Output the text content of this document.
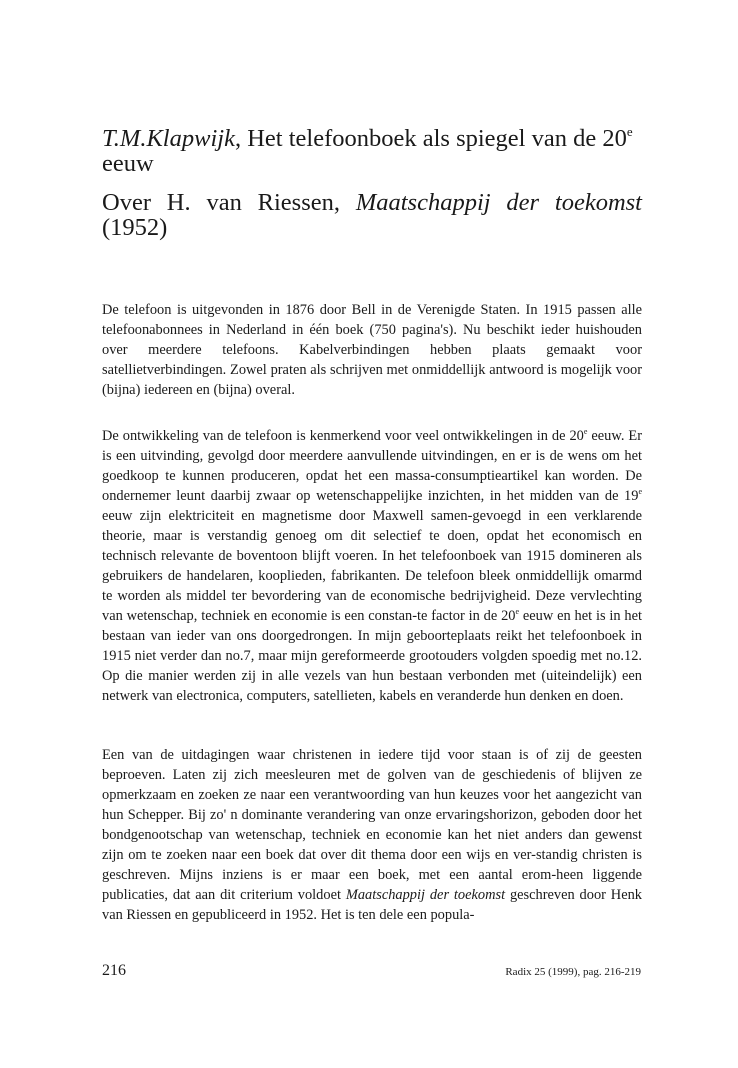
T.M.Klapwijk, Het telefoonboek als spiegel van de 20e eeuw
Over H. van Riessen, Maatschappij der toekomst (1952)

De telefoon is uitgevonden in 1876 door Bell in de Verenigde Staten. In 1915 passen alle telefoonabonnees in Nederland in één boek (750 pagina's). Nu beschikt ieder huishouden over meerdere telefoons. Kabelverbindingen hebben plaats gemaakt voor satellietverbindingen. Zowel praten als schrijven met onmiddellijk antwoord is mogelijk voor (bijna) iedereen en (bijna) overal.

De ontwikkeling van de telefoon is kenmerkend voor veel ontwikkelingen in de 20e eeuw. Er is een uitvinding, gevolgd door meerdere aanvullende uitvindingen, en er is de wens om het goedkoop te kunnen produceren, opdat het een massa-consumptieartikel kan worden. De ondernemer leunt daarbij zwaar op wetenschappelijke inzichten, in het midden van de 19e eeuw zijn elektriciteit en magnetisme door Maxwell samen-gevoegd in een verklarende theorie, maar is verstandig genoeg om dit selectief te doen, opdat het economisch en technisch relevante de boventoon blijft voeren. In het telefoonboek van 1915 domineren als gebruikers de handelaren, kooplieden, fabrikanten. De telefoon bleek onmiddellijk omarmd te worden als middel ter bevordering van de economische bedrijvigheid. Deze vervlechting van wetenschap, techniek en economie is een constan-te factor in de 20e eeuw en het is in het bestaan van ieder van ons doorgedrongen. In mijn geboorteplaats reikt het telefoonboek in 1915 niet verder dan no.7, maar mijn gereformeerde grootouders volgden spoedig met no.12. Op die manier werden zij in alle vezels van hun bestaan verbonden met (uiteindelijk) een netwerk van electronica, computers, satellieten, kabels en veranderde hun denken en doen.

Een van de uitdagingen waar christenen in iedere tijd voor staan is of zij de geesten beproeven. Laten zij zich meesleuren met de golven van de geschiedenis of blijven ze opmerkzaam en zoeken ze naar een verantwoording van hun keuzes voor het aangezicht van hun Schepper. Bij zo' n dominante verandering van onze ervaringshorizon, geboden door het bondgenootschap van wetenschap, techniek en economie kan het niet anders dan gewenst zijn om te zoeken naar een boek dat over dit thema door een wijs en ver-standig christen is geschreven. Mijns inziens is er maar een boek, met een aantal erom-heen liggende publicaties, dat aan dit criterium voldoet Maatschappij der toekomst geschreven door Henk van Riessen en gepubliceerd in 1952. Het is ten dele een popula-

216	Radix 25 (1999), pag. 216-219
